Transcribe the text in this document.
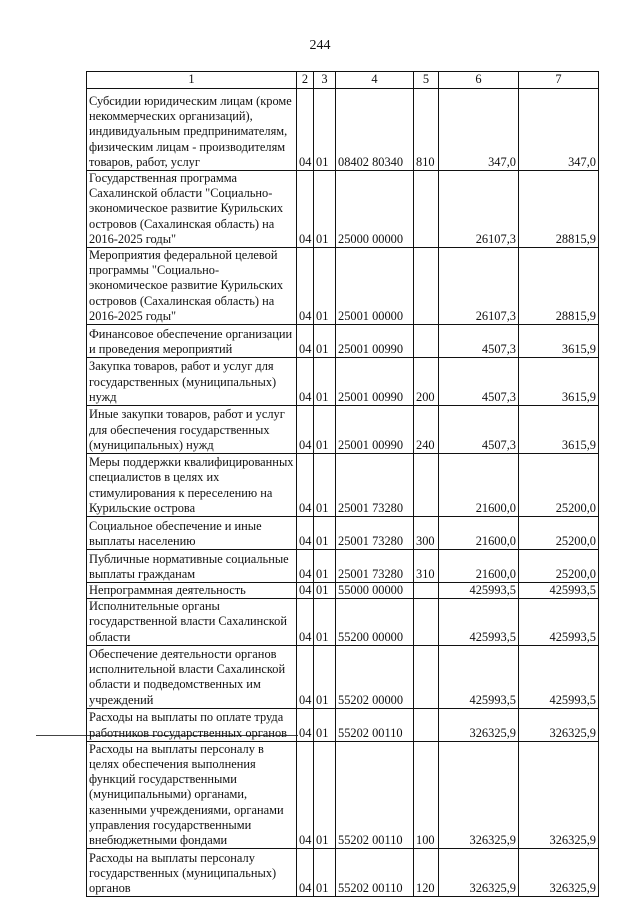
244
1	2	3	4	5	6	7
Субсидии юридическим лицам (кроме некоммерческих организаций), индивидуальным предпринимателям, физическим лицам - производителям товаров, работ, услуг	04	01	08402 80340	810	347,0	347,0
Государственная программа Сахалинской области "Социально-экономическое развитие Курильских островов (Сахалинская область) на 2016-2025 годы"	04	01	25000 00000		26107,3	28815,9
Мероприятия федеральной целевой программы "Социально-экономическое развитие Курильских островов (Сахалинская область) на 2016-2025 годы"	04	01	25001 00000		26107,3	28815,9
Финансовое обеспечение организации и проведения мероприятий	04	01	25001 00990		4507,3	3615,9
Закупка товаров, работ и услуг для государственных (муниципальных) нужд	04	01	25001 00990	200	4507,3	3615,9
Иные закупки товаров, работ и услуг для обеспечения государственных (муниципальных) нужд	04	01	25001 00990	240	4507,3	3615,9
Меры поддержки квалифицированных специалистов в целях их стимулирования к переселению на Курильские острова	04	01	25001 73280		21600,0	25200,0
Социальное обеспечение и иные выплаты населению	04	01	25001 73280	300	21600,0	25200,0
Публичные нормативные социальные выплаты гражданам	04	01	25001 73280	310	21600,0	25200,0
Непрограммная деятельность	04	01	55000 00000		425993,5	425993,5
Исполнительные органы государственной власти Сахалинской области	04	01	55200 00000		425993,5	425993,5
Обеспечение деятельности органов исполнительной власти Сахалинской области и подведомственных им учреждений	04	01	55202 00000		425993,5	425993,5
Расходы на выплаты по оплате труда работников государственных органов	04	01	55202 00110		326325,9	326325,9
Расходы на выплаты персоналу в целях обеспечения выполнения функций государственными (муниципальными) органами, казенными учреждениями, органами управления государственными внебюджетными фондами	04	01	55202 00110	100	326325,9	326325,9
Расходы на выплаты персоналу государственных (муниципальных) органов	04	01	55202 00110	120	326325,9	326325,9
